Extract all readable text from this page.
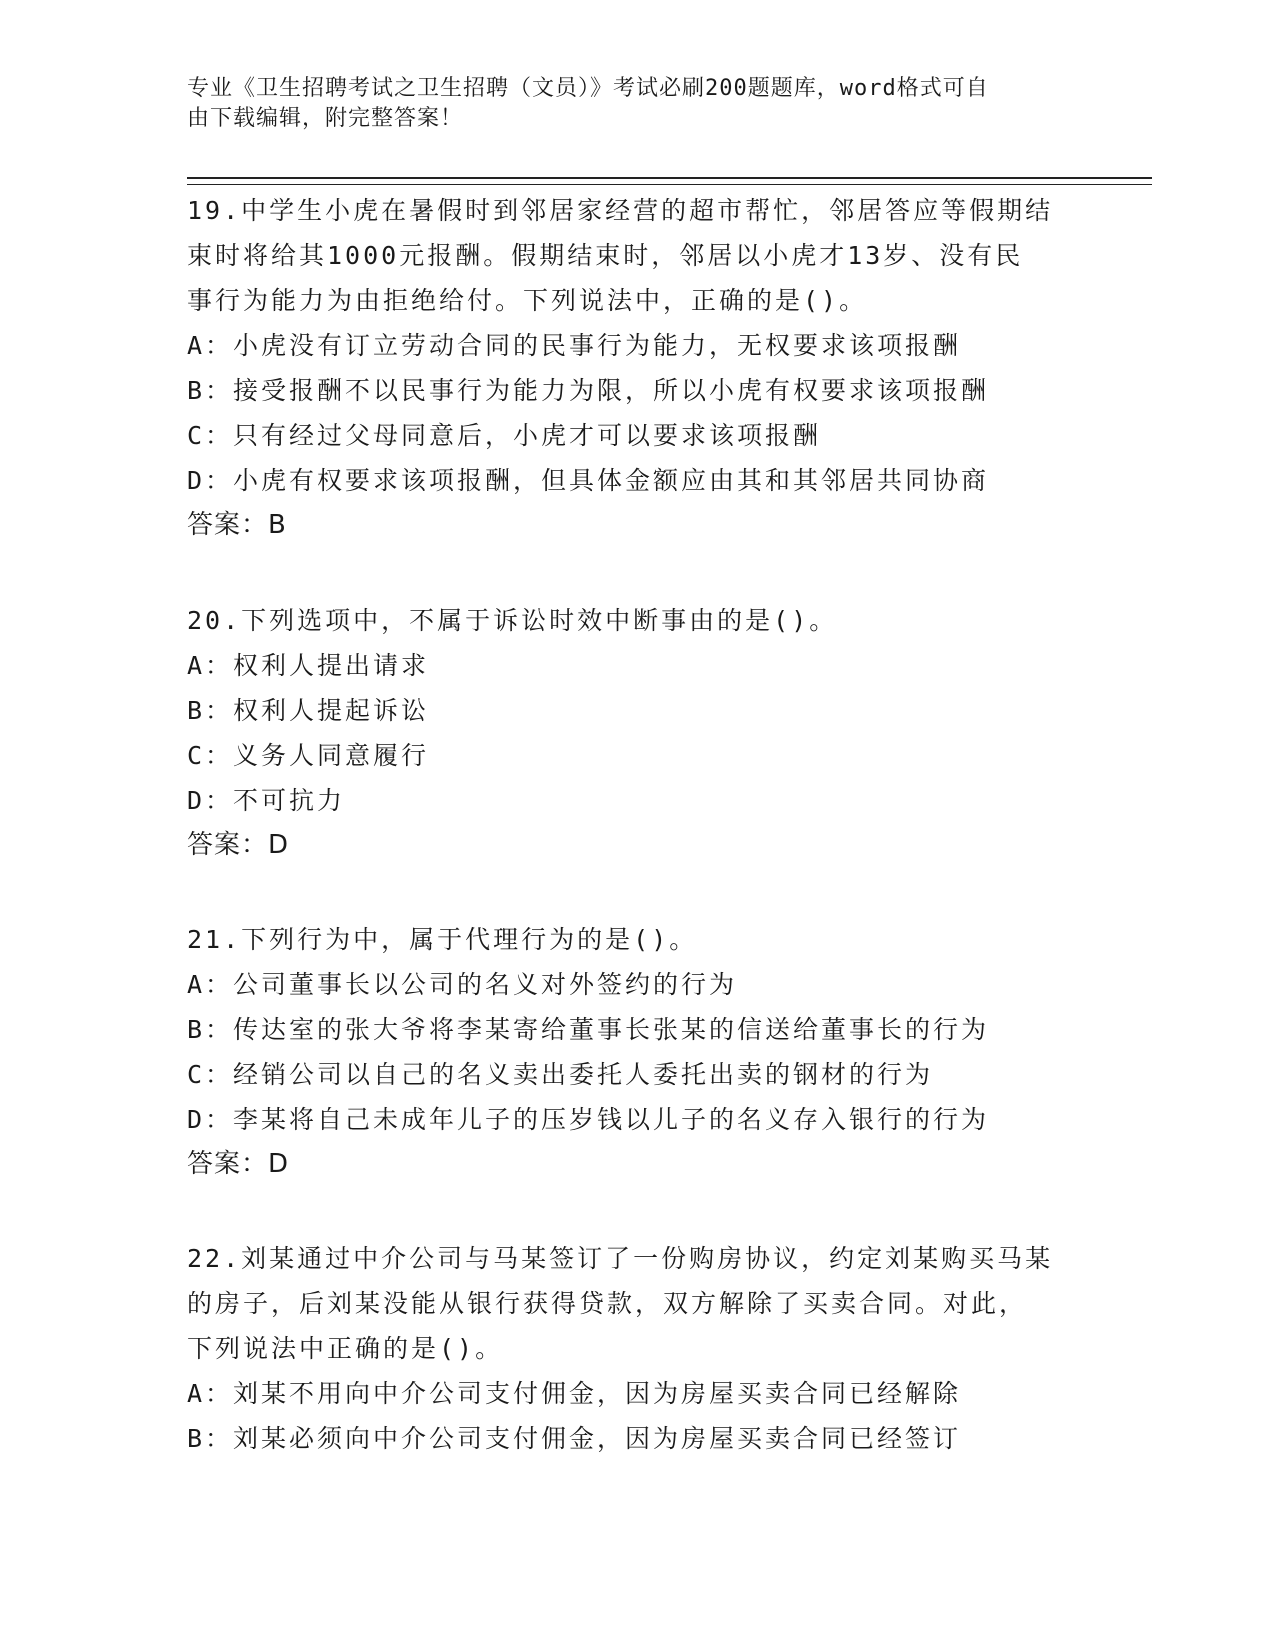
专业《卫生招聘考试之卫生招聘（文员）》考试必刷200题题库，word格式可自
由下载编辑，附完整答案！
19.中学生小虎在暑假时到邻居家经营的超市帮忙，邻居答应等假期结
束时将给其1000元报酬。假期结束时，邻居以小虎才13岁、没有民
事行为能力为由拒绝给付。下列说法中，正确的是()。
A：小虎没有订立劳动合同的民事行为能力，无权要求该项报酬
B：接受报酬不以民事行为能力为限，所以小虎有权要求该项报酬
C：只有经过父母同意后，小虎才可以要求该项报酬
D：小虎有权要求该项报酬，但具体金额应由其和其邻居共同协商
答案：B
20.下列选项中，不属于诉讼时效中断事由的是()。
A：权利人提出请求
B：权利人提起诉讼
C：义务人同意履行
D：不可抗力
答案：D
21.下列行为中，属于代理行为的是()。
A：公司董事长以公司的名义对外签约的行为
B：传达室的张大爷将李某寄给董事长张某的信送给董事长的行为
C：经销公司以自己的名义卖出委托人委托出卖的钢材的行为
D：李某将自己未成年儿子的压岁钱以儿子的名义存入银行的行为
答案：D
22.刘某通过中介公司与马某签订了一份购房协议，约定刘某购买马某
的房子，后刘某没能从银行获得贷款，双方解除了买卖合同。对此，
下列说法中正确的是()。
A：刘某不用向中介公司支付佣金，因为房屋买卖合同已经解除
B：刘某必须向中介公司支付佣金，因为房屋买卖合同已经签订
